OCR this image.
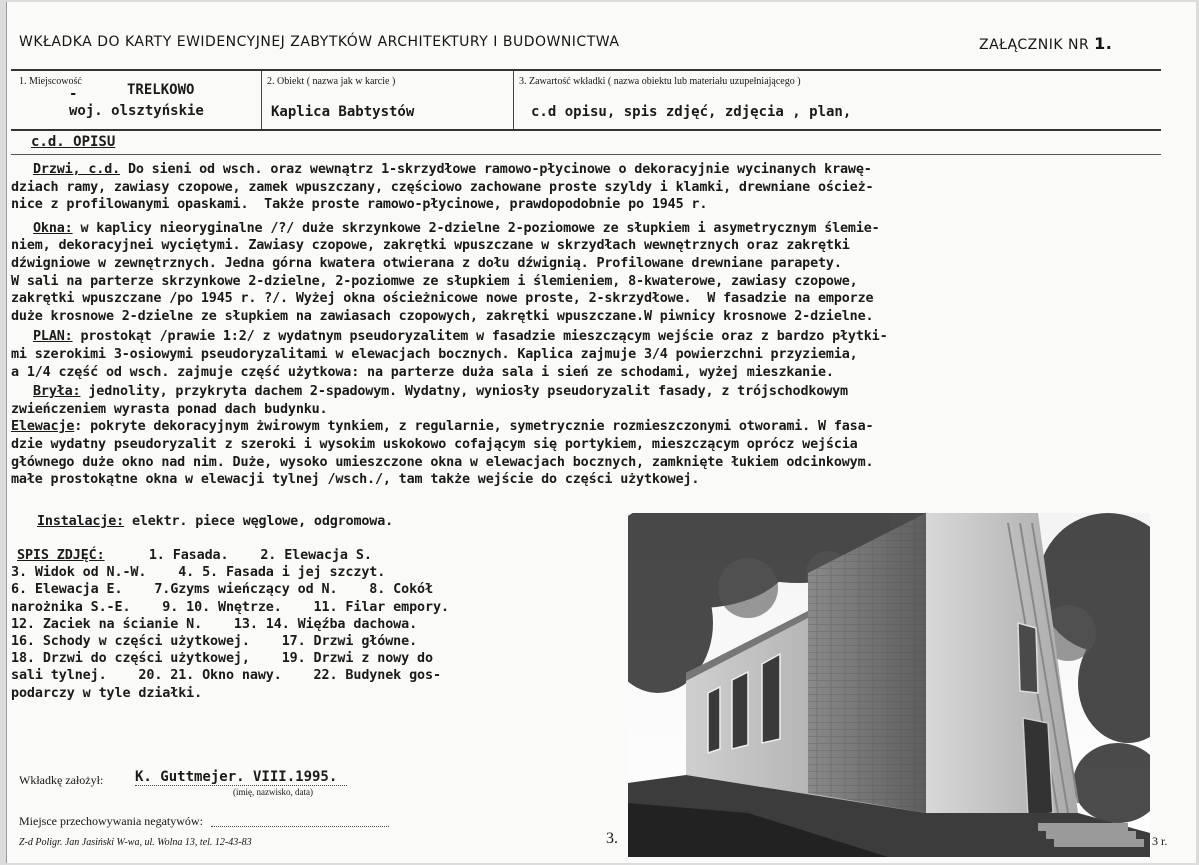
WKŁADKA DO KARTY EWIDENCYJNEJ ZABYTKÓW ARCHITEKTURY I BUDOWNICTWA	ZAŁĄCZNIK NR 1.
1. Miejscowość
-	TRELKOWO
woj. olsztyńskie
2. Obiekt ( nazwa jak w karcie )
Kaplica Babtystów
3. Zawartość wkładki ( nazwa obiektu lub materiału uzupełniającego )
c.d opisu, spis zdjęć, zdjęcia , plan,
c.d. OPISU
Drzwi, c.d. Do sieni od wsch. oraz wewnątrz 1-skrzydłowe ramowo-płycinowe o dekoracyjnie wycinanych krawę-
dziach ramy, zawiasy czopowe, zamek wpuszczany, częściowo zachowane proste szyldy i klamki, drewniane oścież-
nice z profilowanymi opaskami.  Także proste ramowo-płycinowe, prawdopodobnie po 1945 r.
Okna: w kaplicy nieoryginalne /?/ duże skrzynkowe 2-dzielne 2-poziomowe ze słupkiem i asymetrycznym ślemie-
niem, dekoracyjnei wyciętymi. Zawiasy czopowe, zakrętki wpuszczane w skrzydłach wewnętrznych oraz zakrętki
dźwigniowe w zewnętrznych. Jedna górna kwatera otwierana z dołu dźwignią. Profilowane drewniane parapety.
W sali na parterze skrzynkowe 2-dzielne, 2-poziomwe ze słupkiem i ślemieniem, 8-kwaterowe, zawiasy czopowe,
zakrętki wpuszczane /po 1945 r. ?/. Wyżej okna ościeżnicowe nowe proste, 2-skrzydłowe.  W fasadzie na emporze
duże krosnowe 2-dzielne ze słupkiem na zawiasach czopowych, zakrętki wpuszczane.W piwnicy krosnowe 2-dzielne.
PLAN: prostokąt /prawie 1:2/ z wydatnym pseudoryzalitem w fasadzie mieszczącym wejście oraz z bardzo płytki-
mi szerokimi 3-osiowymi pseudoryzalitami w elewacjach bocznych. Kaplica zajmuje 3/4 powierzchni przyziemia,
a 1/4 część od wsch. zajmuje część użytkowa: na parterze duża sala i sień ze schodami, wyżej mieszkanie.
Bryła: jednolity, przykryta dachem 2-spadowym. Wydatny, wyniosły pseudoryzalit fasady, z trójschodkowym
zwieńczeniem wyrasta ponad dach budynku.
Elewacje: pokryte dekoracyjnym żwirowym tynkiem, z regularnie, symetrycznie rozmieszczonymi otworami. W fasa-
dzie wydatny pseudoryzalit z szeroki i wysokim uskokowo cofającym się portykiem, mieszczącym oprócz wejścia
głównego duże okno nad nim. Duże, wysoko umieszczone okna w elewacjach bocznych, zamknięte łukiem odcinkowym.
małe prostokątne okna w elewacji tylnej /wsch./, tam także wejście do części użytkowej.
Instalacje: elektr. piece węglowe, odgromowa.
SPIS ZDJĘĆ: 1. Fasada.    2. Elewacja S.
3. Widok od N.-W.    4. 5. Fasada i jej szczyt.
6. Elewacja E.    7.Gzyms wieńczący od N.    8. Cokół
narożnika S.-E.    9. 10. Wnętrze.    11. Filar empory.
12. Zaciek na ścianie N.    13. 14. Więźba dachowa.
16. Schody w części użytkowej.    17. Drzwi główne.
18. Drzwi do części użytkowej,    19. Drzwi z nowy do
sali tylnej.    20. 21. Okno nawy.    22. Budynek gos-
podarczy w tyle działki.
Wkładkę założył: K. Guttmejer. VIII.1995.
(imię, nazwisko, data)
Miejsce przechowywania negatywów:
Z-d Poligr. Jan Jasiński W-wa, ul. Wolna 13, tel. 12-43-83	3.	3 r.
